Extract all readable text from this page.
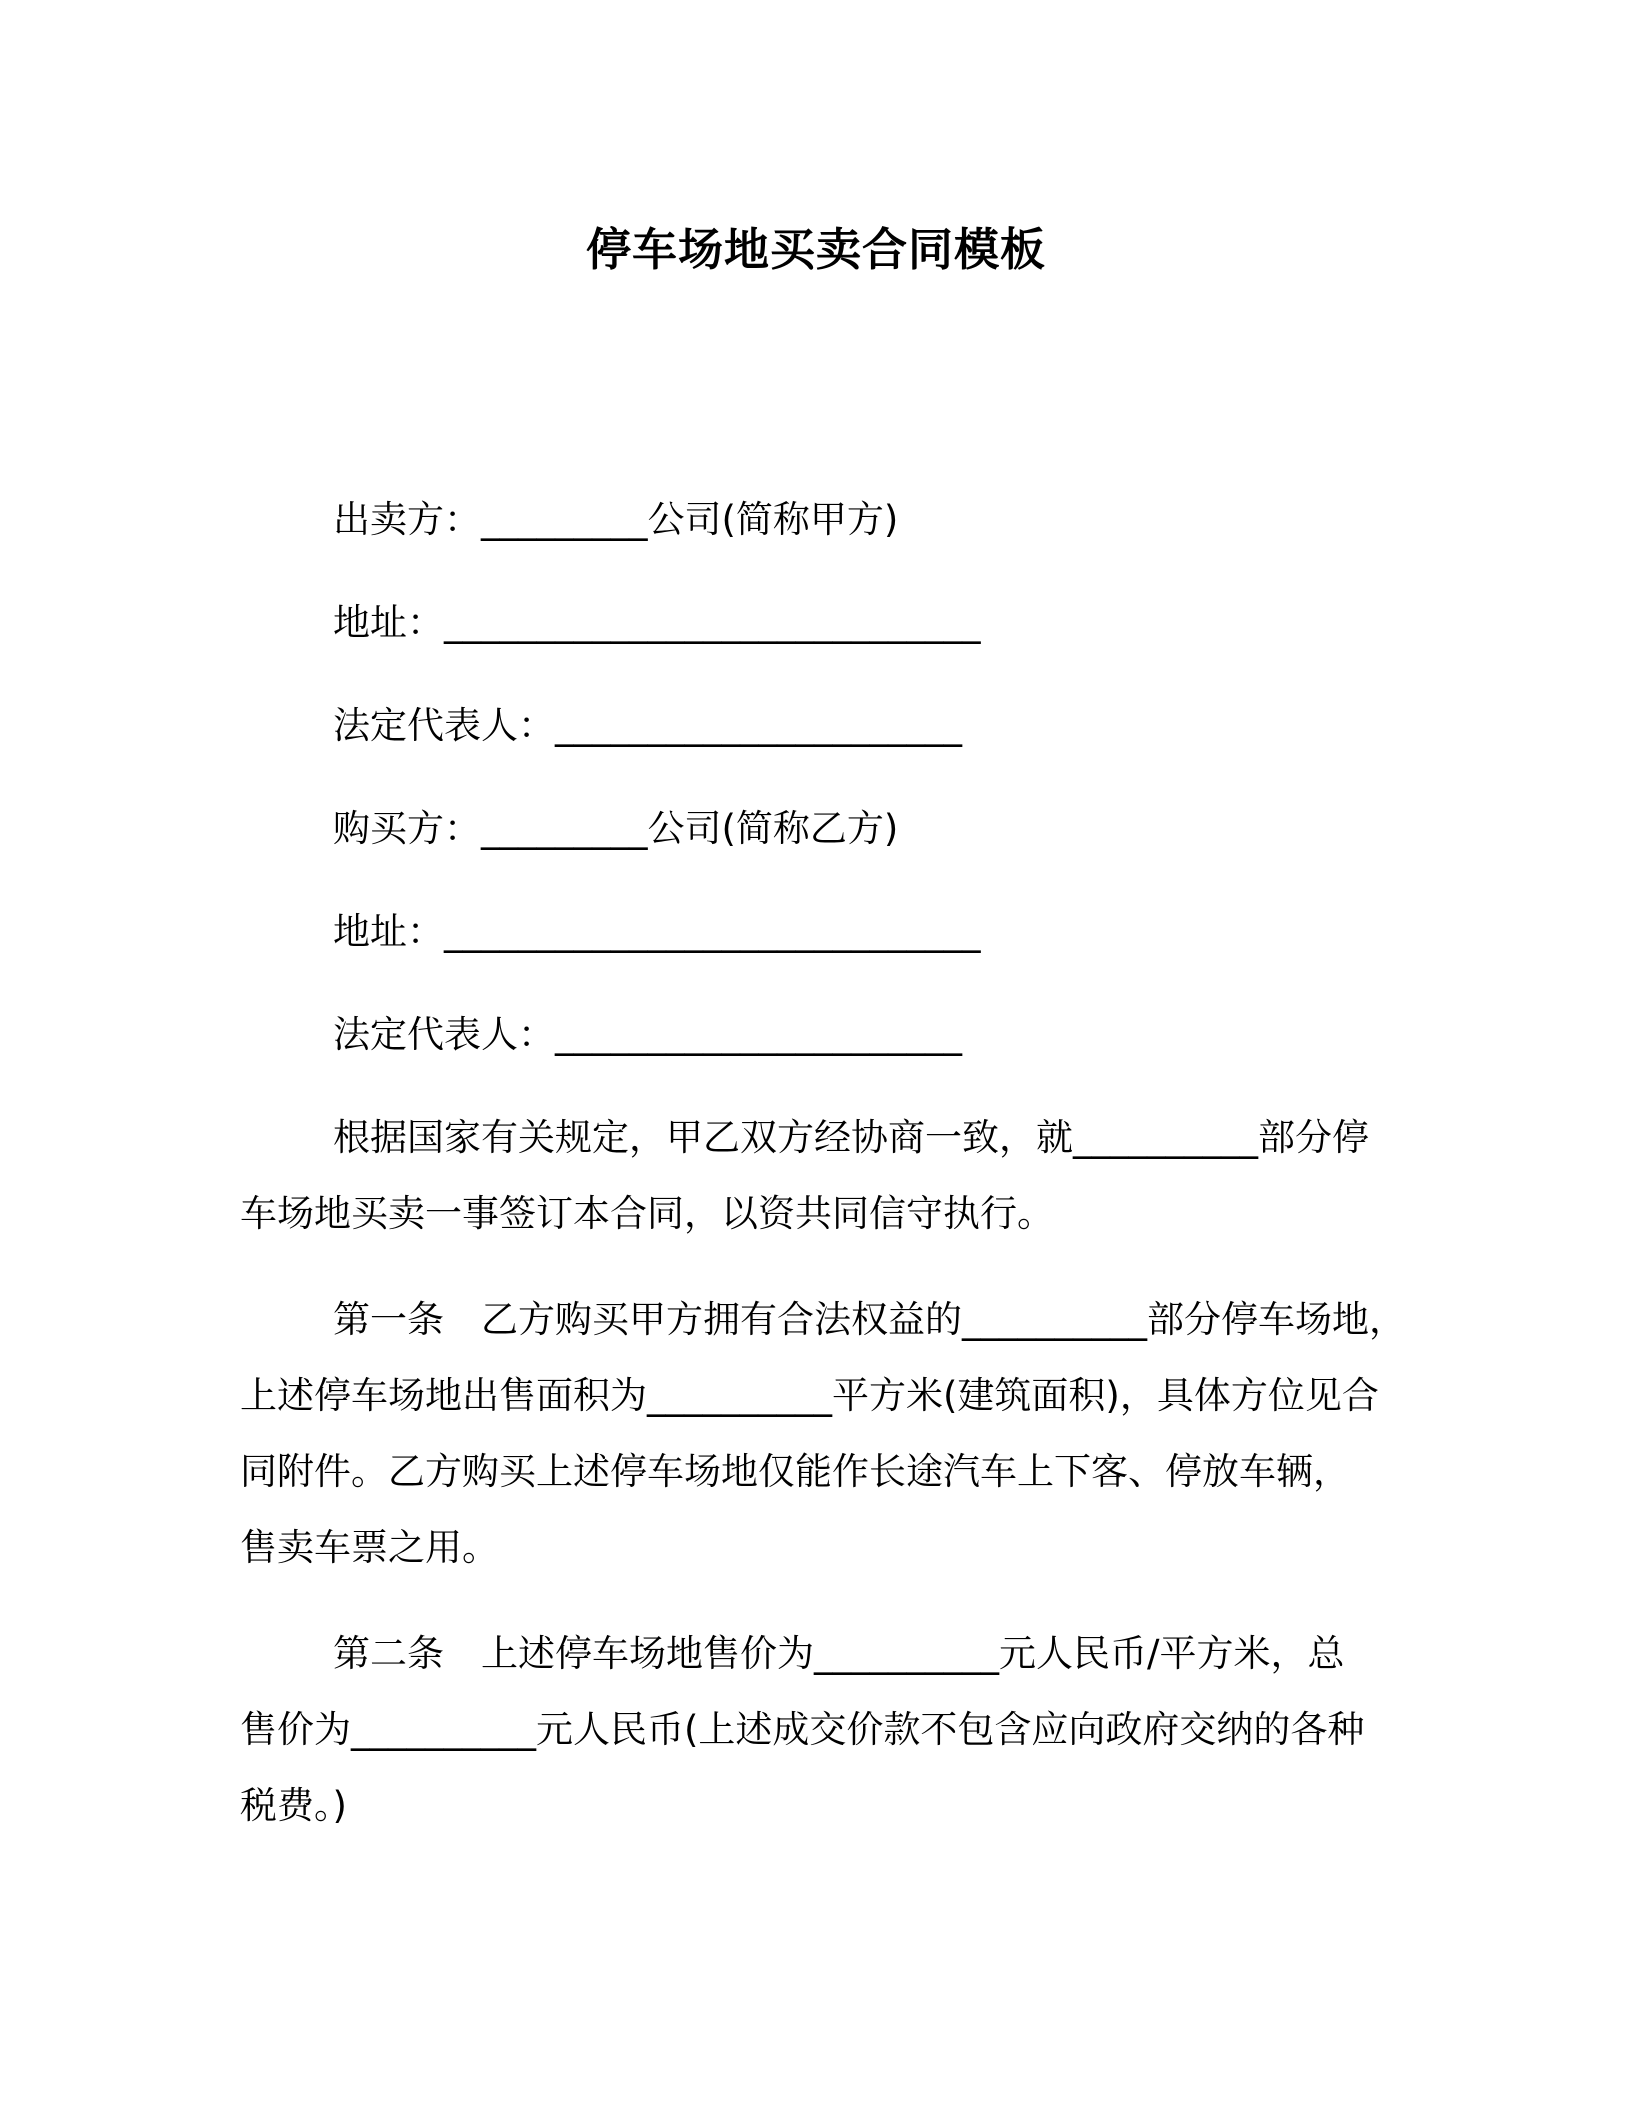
停车场地买卖合同模板
出卖方：_________公司(简称甲方)
地址：_____________________________
法定代表人：______________________
购买方：_________公司(简称乙方)
地址：_____________________________
法定代表人：______________________
根据国家有关规定，甲乙双方经协商一致，就__________部分停
车场地买卖一事签订本合同，以资共同信守执行。
第一条　乙方购买甲方拥有合法权益的__________部分停车场地，
上述停车场地出售面积为__________平方米(建筑面积)，具体方位见合
同附件。乙方购买上述停车场地仅能作长途汽车上下客、停放车辆，
售卖车票之用。
第二条　上述停车场地售价为__________元人民币/平方米，总
售价为__________元人民币(上述成交价款不包含应向政府交纳的各种
税费。)
